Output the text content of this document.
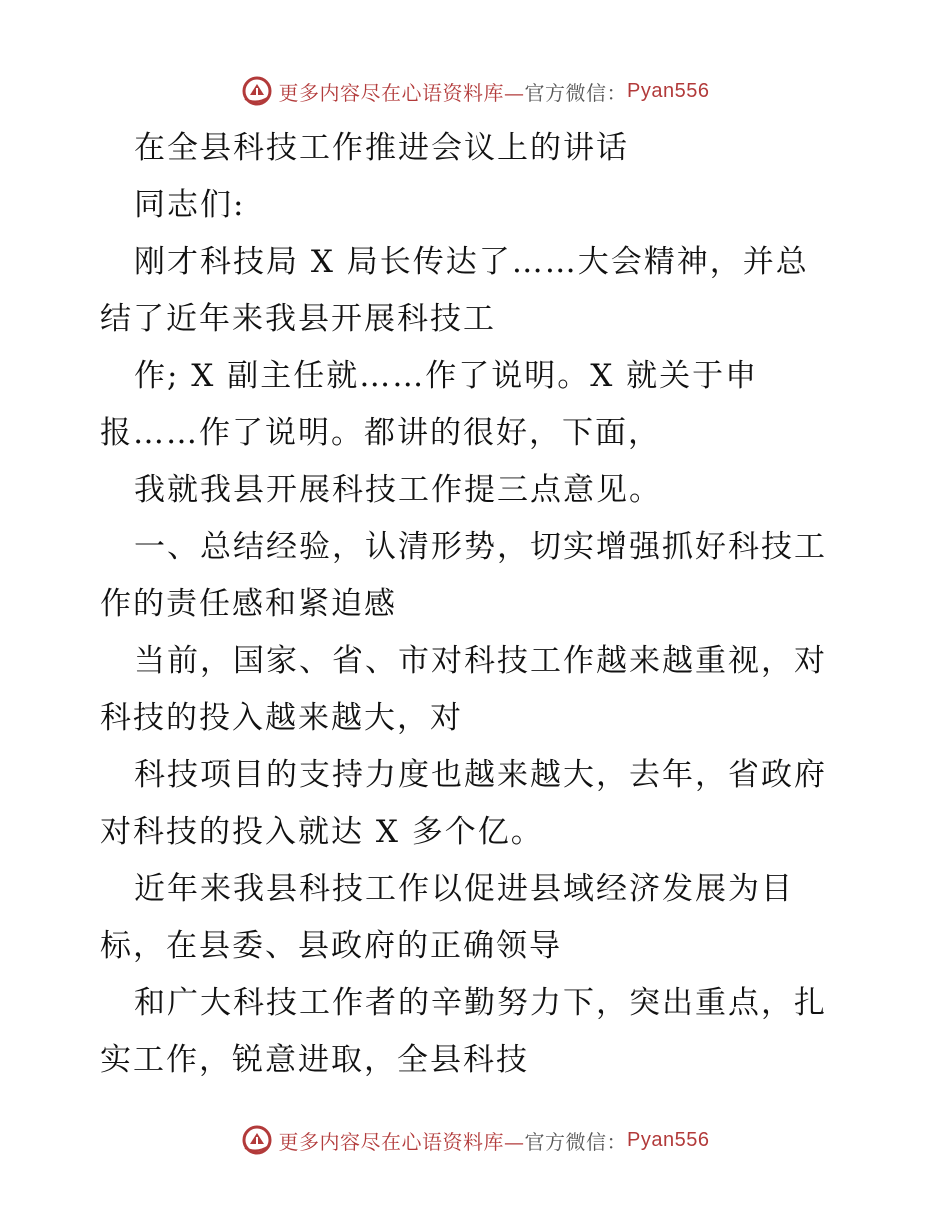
更多内容尽在心语资料库— 官方微信： Pyan556
在全县科技工作推进会议上的讲话
同志们:
刚才科技局 X 局长传达了……大会精神，并总
结了近年来我县开展科技工
作; X 副主任就……作了说明。X 就关于申
报……作了说明。都讲的很好，下面，
我就我县开展科技工作提三点意见。
一、总结经验，认清形势，切实增强抓好科技工
作的责任感和紧迫感
当前，国家、省、市对科技工作越来越重视，对
科技的投入越来越大，对
科技项目的支持力度也越来越大，去年，省政府
对科技的投入就达 X 多个亿。
近年来我县科技工作以促进县域经济发展为目
标，在县委、县政府的正确领导
和广大科技工作者的辛勤努力下，突出重点，扎
实工作，锐意进取，全县科技
更多内容尽在心语资料库— 官方微信： Pyan556
